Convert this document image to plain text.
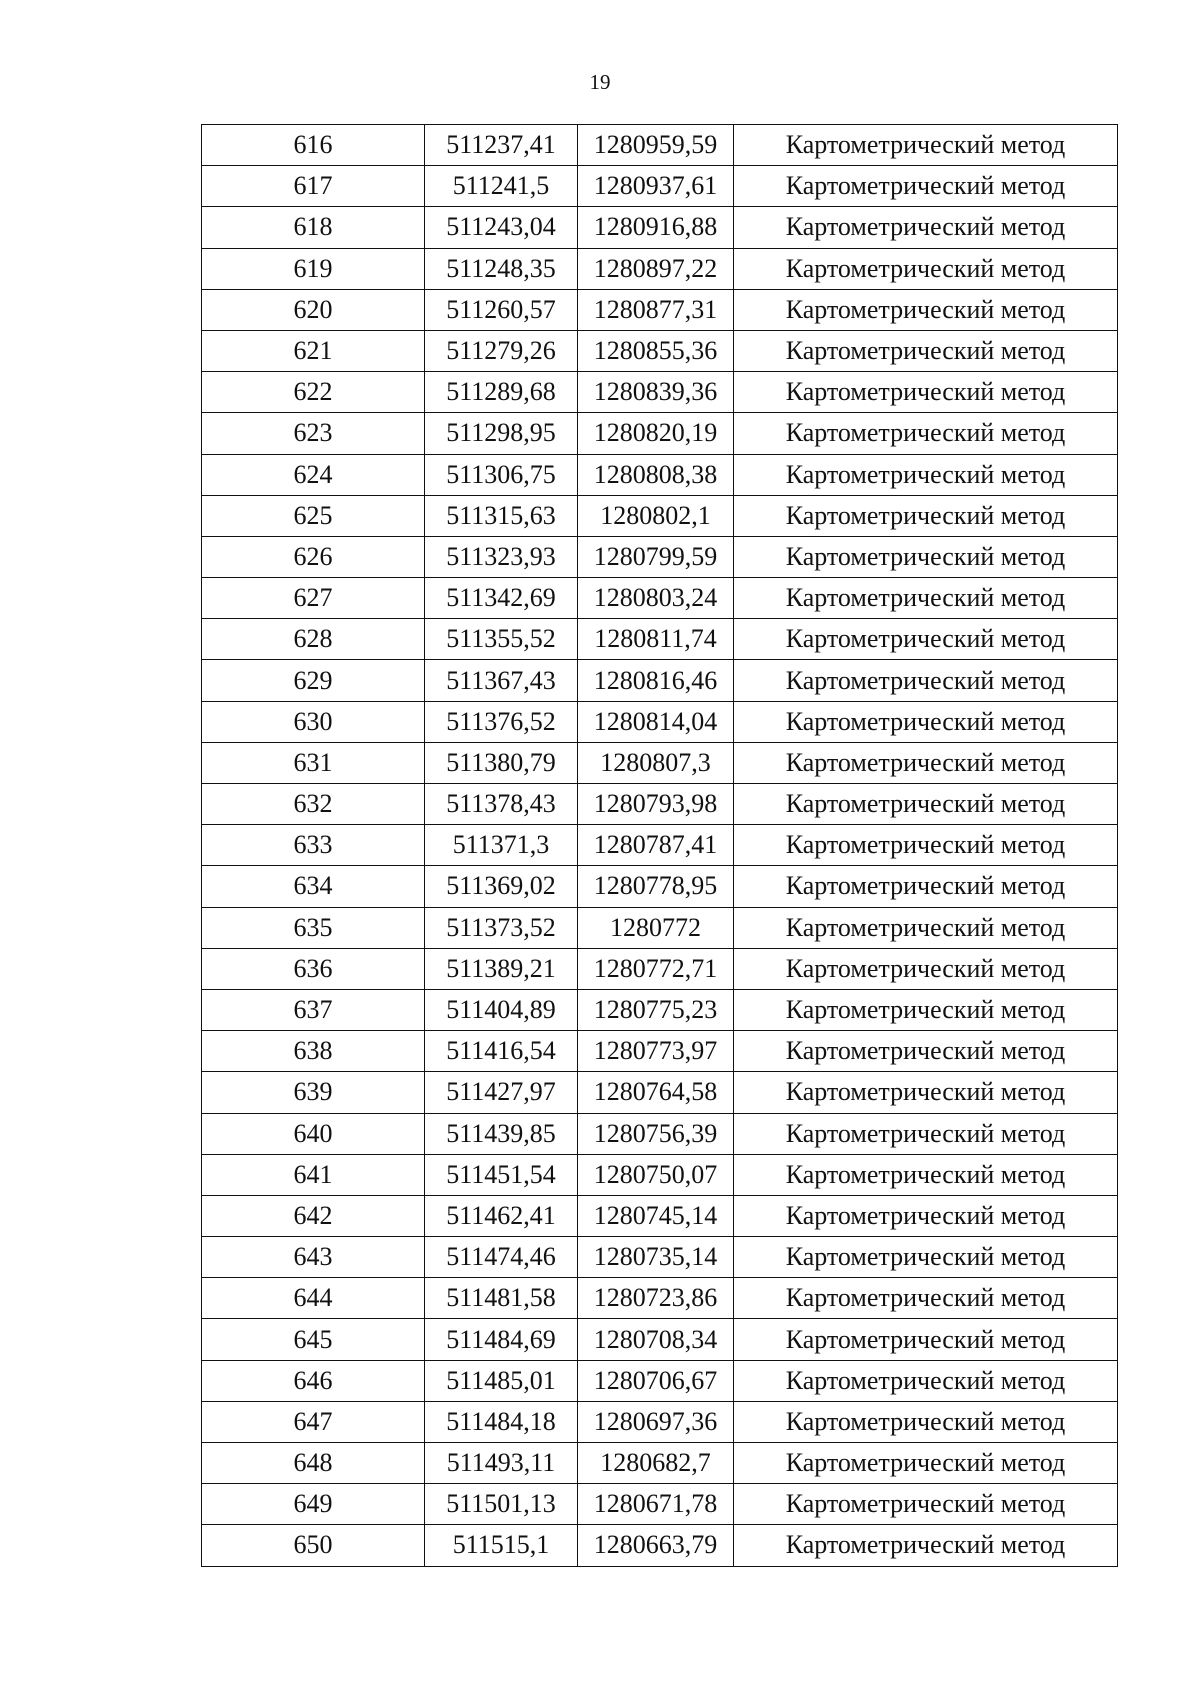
19
616	511237,41	1280959,59	Картометрический метод
617	511241,5	1280937,61	Картометрический метод
618	511243,04	1280916,88	Картометрический метод
619	511248,35	1280897,22	Картометрический метод
620	511260,57	1280877,31	Картометрический метод
621	511279,26	1280855,36	Картометрический метод
622	511289,68	1280839,36	Картометрический метод
623	511298,95	1280820,19	Картометрический метод
624	511306,75	1280808,38	Картометрический метод
625	511315,63	1280802,1	Картометрический метод
626	511323,93	1280799,59	Картометрический метод
627	511342,69	1280803,24	Картометрический метод
628	511355,52	1280811,74	Картометрический метод
629	511367,43	1280816,46	Картометрический метод
630	511376,52	1280814,04	Картометрический метод
631	511380,79	1280807,3	Картометрический метод
632	511378,43	1280793,98	Картометрический метод
633	511371,3	1280787,41	Картометрический метод
634	511369,02	1280778,95	Картометрический метод
635	511373,52	1280772	Картометрический метод
636	511389,21	1280772,71	Картометрический метод
637	511404,89	1280775,23	Картометрический метод
638	511416,54	1280773,97	Картометрический метод
639	511427,97	1280764,58	Картометрический метод
640	511439,85	1280756,39	Картометрический метод
641	511451,54	1280750,07	Картометрический метод
642	511462,41	1280745,14	Картометрический метод
643	511474,46	1280735,14	Картометрический метод
644	511481,58	1280723,86	Картометрический метод
645	511484,69	1280708,34	Картометрический метод
646	511485,01	1280706,67	Картометрический метод
647	511484,18	1280697,36	Картометрический метод
648	511493,11	1280682,7	Картометрический метод
649	511501,13	1280671,78	Картометрический метод
650	511515,1	1280663,79	Картометрический метод
